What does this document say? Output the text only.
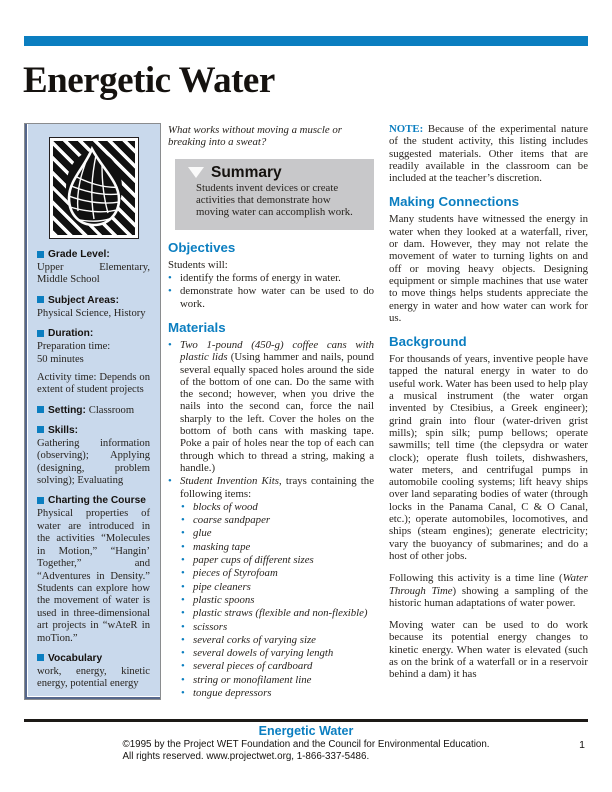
Energetic Water
Grade Level:
Upper Elementary, Middle School
Subject Areas:
Physical Science, History
Duration:
Preparation time:
50 minutes
Activity time: Depends on extent of student projects
Setting: Classroom
Skills:
Gathering information (observing); Applying (designing, problem solving); Evaluating
Charting the Course
Physical properties of water are introduced in the activities “Molecules in Motion,” “Hangin’ Together,” and “Adventures in Density.” Students can explore how the movement of water is used in three-dimensional art projects in “wAteR in moTion.”
Vocabulary
work, energy, kinetic energy, potential energy

What works without moving a muscle or breaking into a sweat?

Summary

Students invent devices or create activities that demonstrate how moving water can accomplish work.

Objectives

Students will:

• identify the forms of energy in water.
• demonstrate how water can be used to do work.
Materials
• Two 1-pound (450-g) coffee cans with plastic lids (Using hammer and nails, pound several equally spaced holes around the side of the bottom of one can. Do the same with the second; however, when you drive the nails into the second can, force the nail sharply to the left. Cover the holes on the bottom of both cans with masking tape. Poke a pair of holes near the top of each can through which to thread a string, making a handle.)
• Student Invention Kits, trays containing the following items:
• blocks of wood
• coarse sandpaper
• glue
• masking tape
• paper cups of different sizes
• pieces of Styrofoam
• pipe cleaners
• plastic spoons
• plastic straws (flexible and non-flexible)
• scissors
• several corks of varying size
• several dowels of varying length
• several pieces of cardboard
• string or monofilament line
• tongue depressors

NOTE: Because of the experimental nature of the student activity, this listing includes suggested materials. Other items that are readily available in the classroom can be included at the teacher’s discretion.

Making Connections

Many students have witnessed the energy in water when they looked at a waterfall, river, or dam. However, they may not relate the movement of water to turning lights on and off or moving heavy objects. Designing equipment or simple machines that use water to move things helps students appreciate the energy in water and how water can work for us.

Background

For thousands of years, inventive people have tapped the natural energy in water to do useful work. Water has been used to help play a musical instrument (the water organ invented by Ctesibius, a Greek engineer); grind grain into flour (water-driven grist mills); spin silk; pump bellows; operate sawmills; tell time (the clepsydra or water clock); operate flush toilets, dishwashers, water meters, and centrifugal pumps in automobile cooling systems; lift heavy ships over land separating bodies of water (through locks in the Panama Canal, C & O Canal, etc.); operate automobiles, locomotives, and ships (steam engines); generate electricity; vary the buoyancy of submarines; and do a host of other jobs.

Following this activity is a time line (Water Through Time) showing a sampling of the historic human adaptations of water power.

Moving water can be used to do work because its potential energy changes to kinetic energy. When water is elevated (such as on the brink of a waterfall or in a reservoir behind a dam) it has

Energetic Water
©1995 by the Project WET Foundation and the Council for Environmental Education.
All rights reserved. www.projectwet.org, 1-866-337-5486.
1
